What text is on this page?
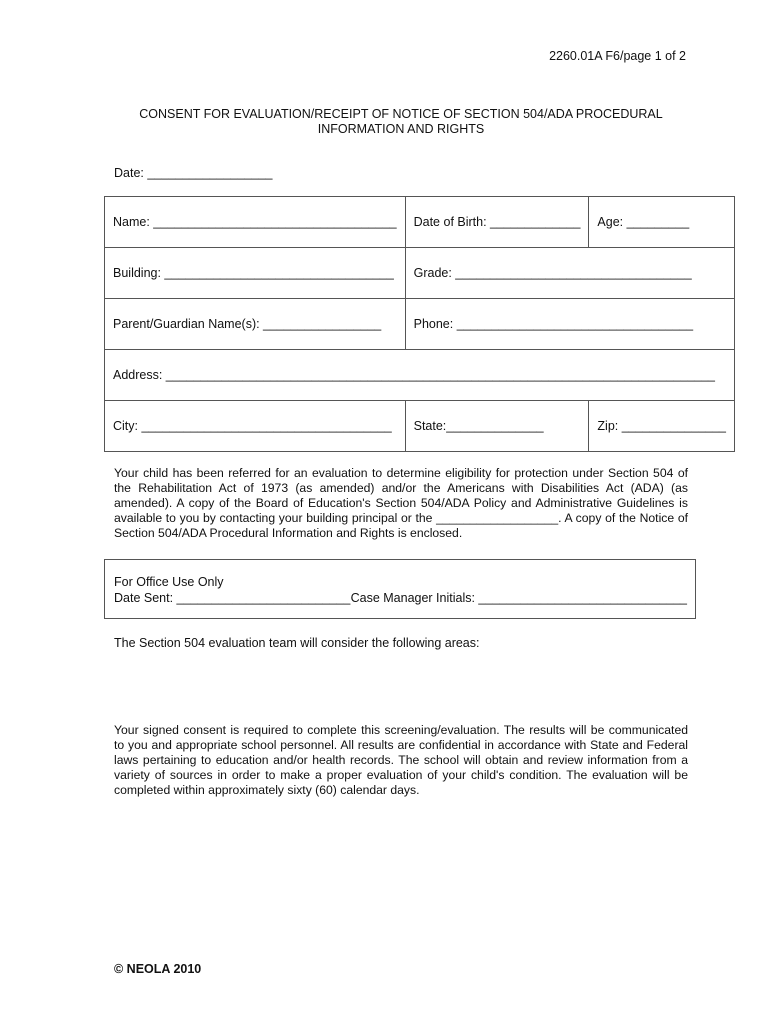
2260.01A F6/page 1 of 2
CONSENT FOR EVALUATION/RECEIPT OF NOTICE OF SECTION 504/ADA PROCEDURAL
INFORMATION AND RIGHTS
Date: __________________
Name: ___________________________________	Date of Birth: _____________	Age: _________
Building: _________________________________	Grade: __________________________________	
Parent/Guardian Name(s): _________________	Phone: __________________________________	
Address: _______________________________________________________________________________		
City: ____________________________________	State:______________	Zip: _______________
Your child has been referred for an evaluation to determine eligibility for protection under Section 504 of the Rehabilitation Act of 1973 (as amended) and/or the Americans with Disabilities Act (ADA) (as amended). A copy of the Board of Education's Section 504/ADA Policy and Administrative Guidelines is available to you by contacting your building principal or the __________________. A copy of the Notice of Section 504/ADA Procedural Information and Rights is enclosed.
For Office Use Only
Date Sent: _________________________ Case Manager Initials: ______________________________
The Section 504 evaluation team will consider the following areas:
Your signed consent is required to complete this screening/evaluation. The results will be communicated to you and appropriate school personnel. All results are confidential in accordance with State and Federal laws pertaining to education and/or health records. The school will obtain and review information from a variety of sources in order to make a proper evaluation of your child's condition. The evaluation will be completed within approximately sixty (60) calendar days.
© NEOLA 2010
